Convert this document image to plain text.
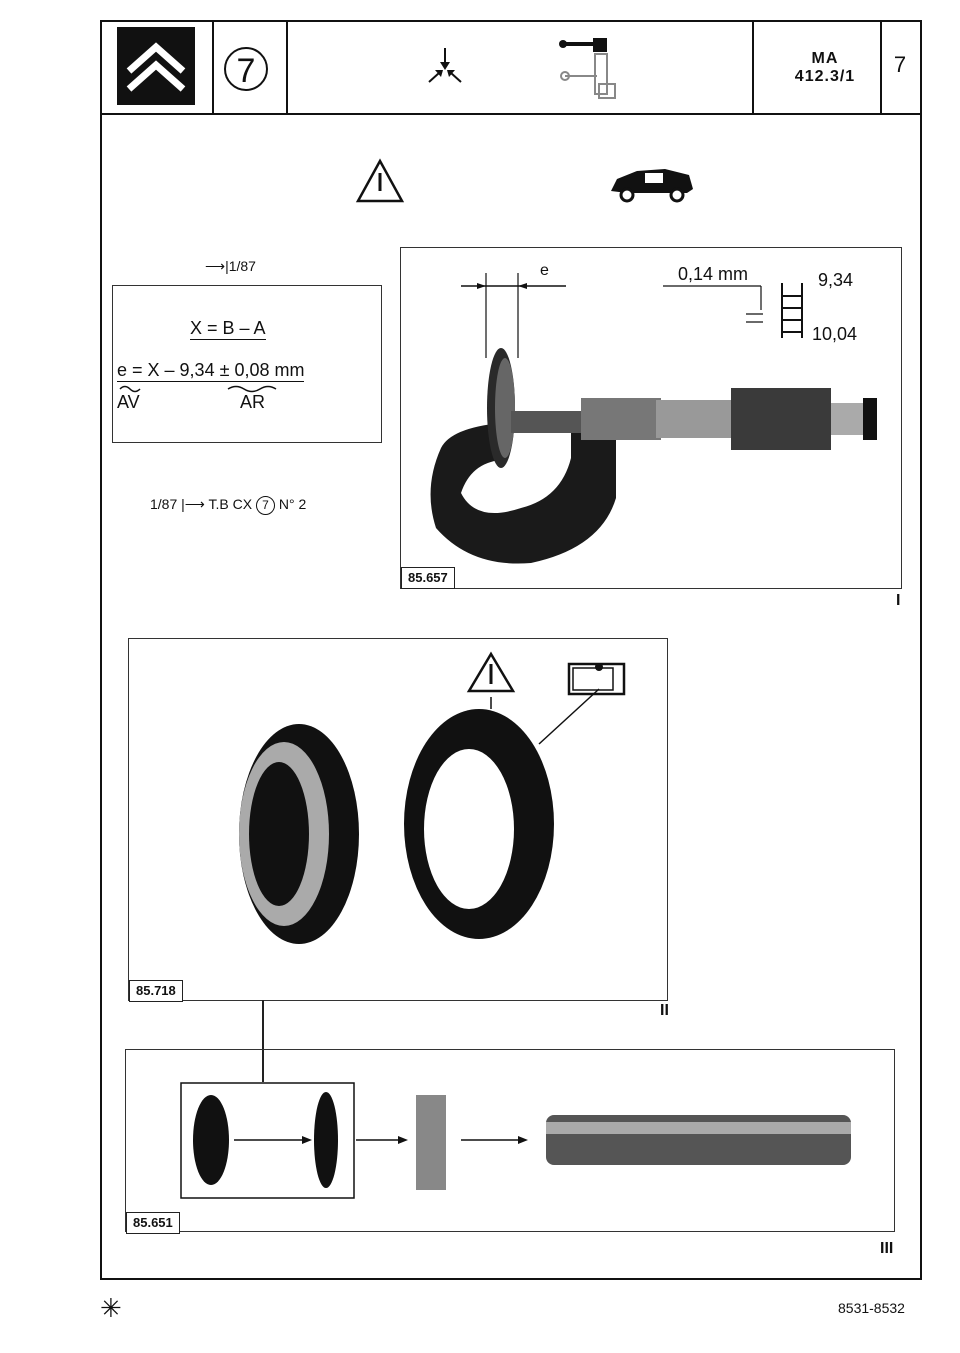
7	MA
412.3/1	7
⟶|1/87
X = B – A
e = X – 9,34 ± 0,08 mm
AV	AR
1/87 |⟶ T.B CX 7 N° 2
e	0,14 mm	9,34
10,04
85.657
I
85.718
II
85.651
III
✳	8531-8532
